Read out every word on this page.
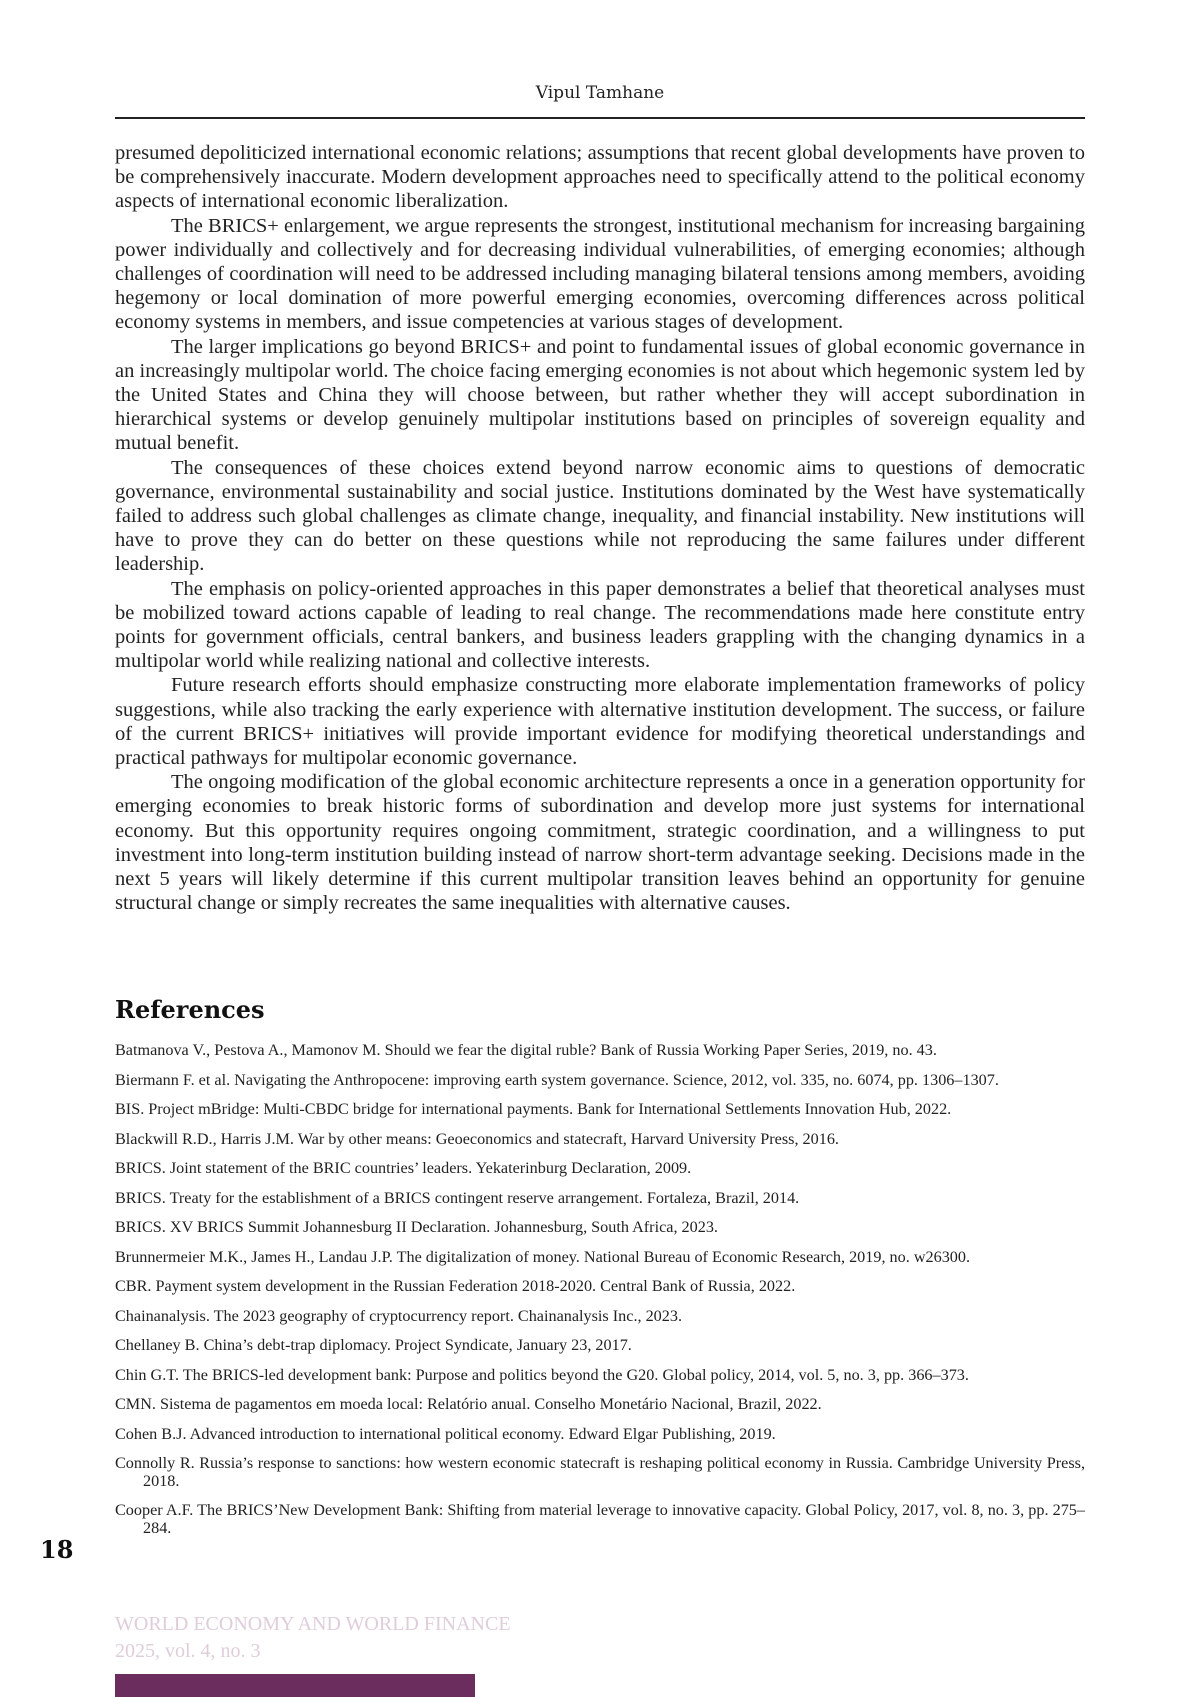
Vipul Tamhane

presumed depoliticized international economic relations; assumptions that recent global developments have proven to be comprehensively inaccurate. Modern development approaches need to specifically attend to the political economy aspects of international economic liberalization.

The BRICS+ enlargement, we argue represents the strongest, institutional mechanism for increasing bargaining power individually and collectively and for decreasing individual vulnerabilities, of emerging economies; although challenges of coordination will need to be addressed including managing bilateral tensions among members, avoiding hegemony or local domination of more powerful emerging economies, overcoming differences across political economy systems in members, and issue competencies at various stages of development.

The larger implications go beyond BRICS+ and point to fundamental issues of global economic governance in an increasingly multipolar world. The choice facing emerging economies is not about which hegemonic system led by the United States and China they will choose between, but rather whether they will accept subordination in hierarchical systems or develop genuinely multipolar institutions based on principles of sovereign equality and mutual benefit.

The consequences of these choices extend beyond narrow economic aims to questions of democratic governance, environmental sustainability and social justice. Institutions dominated by the West have systematically failed to address such global challenges as climate change, inequality, and financial instability. New institutions will have to prove they can do better on these questions while not reproducing the same failures under different leadership.

The emphasis on policy-oriented approaches in this paper demonstrates a belief that theoretical analyses must be mobilized toward actions capable of leading to real change. The recommendations made here constitute entry points for government officials, central bankers, and business leaders grappling with the changing dynamics in a multipolar world while realizing national and collective interests.

Future research efforts should emphasize constructing more elaborate implementation frameworks of policy suggestions, while also tracking the early experience with alternative institution development. The success, or failure of the current BRICS+ initiatives will provide important evidence for modifying theoretical understandings and practical pathways for multipolar economic governance.

The ongoing modification of the global economic architecture represents a once in a generation opportunity for emerging economies to break historic forms of subordination and develop more just systems for international economy. But this opportunity requires ongoing commitment, strategic coordination, and a willingness to put investment into long-term institution building instead of narrow short-term advantage seeking. Decisions made in the next 5 years will likely determine if this current multipolar transition leaves behind an opportunity for genuine structural change or simply recreates the same inequalities with alternative causes.

References
Batmanova V., Pestova A., Mamonov M. Should we fear the digital ruble? Bank of Russia Working Paper Series, 2019, no. 43.
Biermann F. et al. Navigating the Anthropocene: improving earth system governance. Science, 2012, vol. 335, no. 6074, pp. 1306–1307.
BIS. Project mBridge: Multi-CBDC bridge for international payments. Bank for International Settlements Innovation Hub, 2022.
Blackwill R.D., Harris J.M. War by other means: Geoeconomics and statecraft, Harvard University Press, 2016.
BRICS. Joint statement of the BRIC countries’ leaders. Yekaterinburg Declaration, 2009.
BRICS. Treaty for the establishment of a BRICS contingent reserve arrangement. Fortaleza, Brazil, 2014.
BRICS. XV BRICS Summit Johannesburg II Declaration. Johannesburg, South Africa, 2023.
Brunnermeier M.K., James H., Landau J.P. The digitalization of money. National Bureau of Economic Research, 2019, no. w26300.
CBR. Payment system development in the Russian Federation 2018-2020. Central Bank of Russia, 2022.
Chainanalysis. The 2023 geography of cryptocurrency report. Chainanalysis Inc., 2023.
Chellaney B. China’s debt-trap diplomacy. Project Syndicate, January 23, 2017.
Chin G.T. The BRICS-led development bank: Purpose and politics beyond the G20. Global policy, 2014, vol. 5, no. 3, pp. 366–373.
CMN. Sistema de pagamentos em moeda local: Relatório anual. Conselho Monetário Nacional, Brazil, 2022.
Cohen B.J. Advanced introduction to international political economy. Edward Elgar Publishing, 2019.
Connolly R. Russia’s response to sanctions: how western economic statecraft is reshaping political economy in Russia. Cambridge University Press, 2018.
Cooper A.F. The BRICS’New Development Bank: Shifting from material leverage to innovative capacity. Global Policy, 2017, vol. 8, no. 3, pp. 275–284.
18
WORLD ECONOMY AND WORLD FINANCE
2025, vol. 4, no. 3
